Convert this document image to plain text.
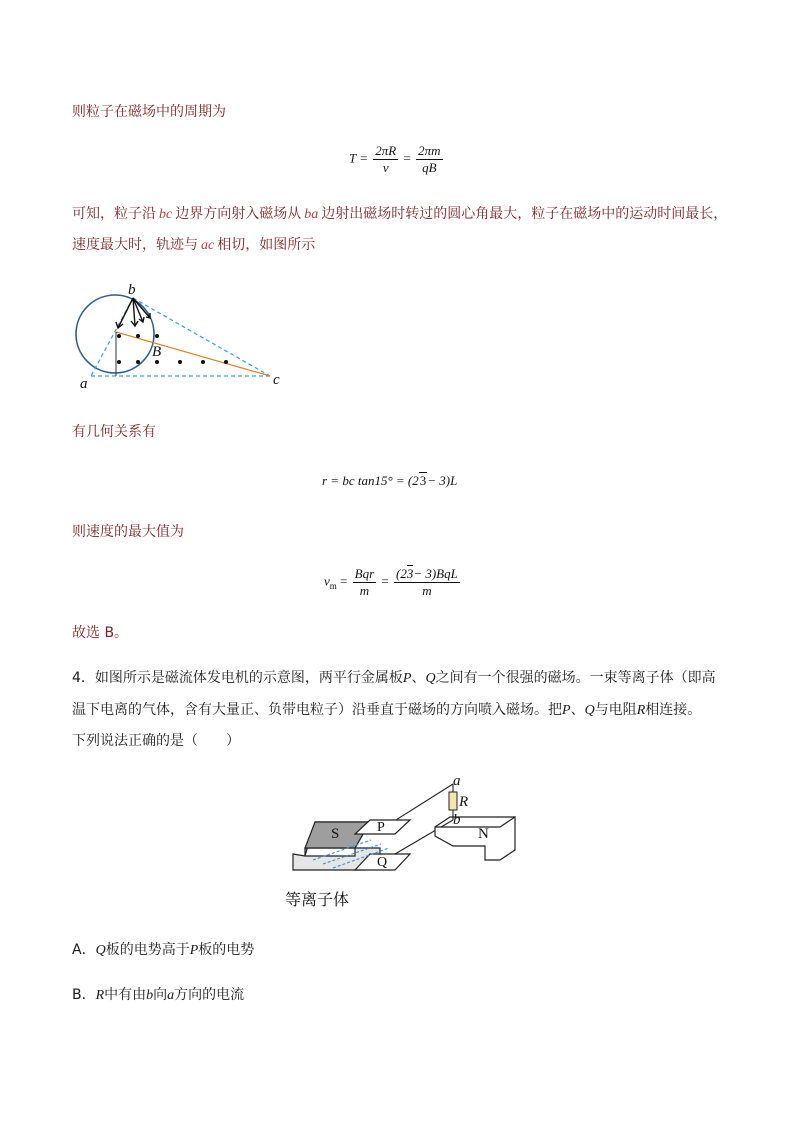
则粒子在磁场中的周期为
$T = \frac{2\pi R}{v} = \frac{2\pi m}{qB}$
可知，粒子沿 bc 边界方向射入磁场从 ba 边射出磁场时转过的圆心角最大，粒子在磁场中的运动时间最长，
速度最大时，轨迹与 ac 相切，如图所示
b
a	c
B
有几何关系有
r = bc tan15° = (23− 3)L
则速度的最大值为
$v_m = \frac{\text{Bqr}}{m} = \frac{\text{(23− 3)BqL}}{m}$
故选 B。
4．如图所示是磁流体发电机的示意图，两平行金属板P、Q之间有一个很强的磁场。一束等离子体（即高
温下电离的气体，含有大量正、负带电粒子）沿垂直于磁场的方向喷入磁场。把P、Q与电阻R相连接。
下列说法正确的是（　　）
a
R
b
S	P
Q
N
等离子体
A．Q板的电势高于P板的电势
B．R中有由b向a方向的电流
